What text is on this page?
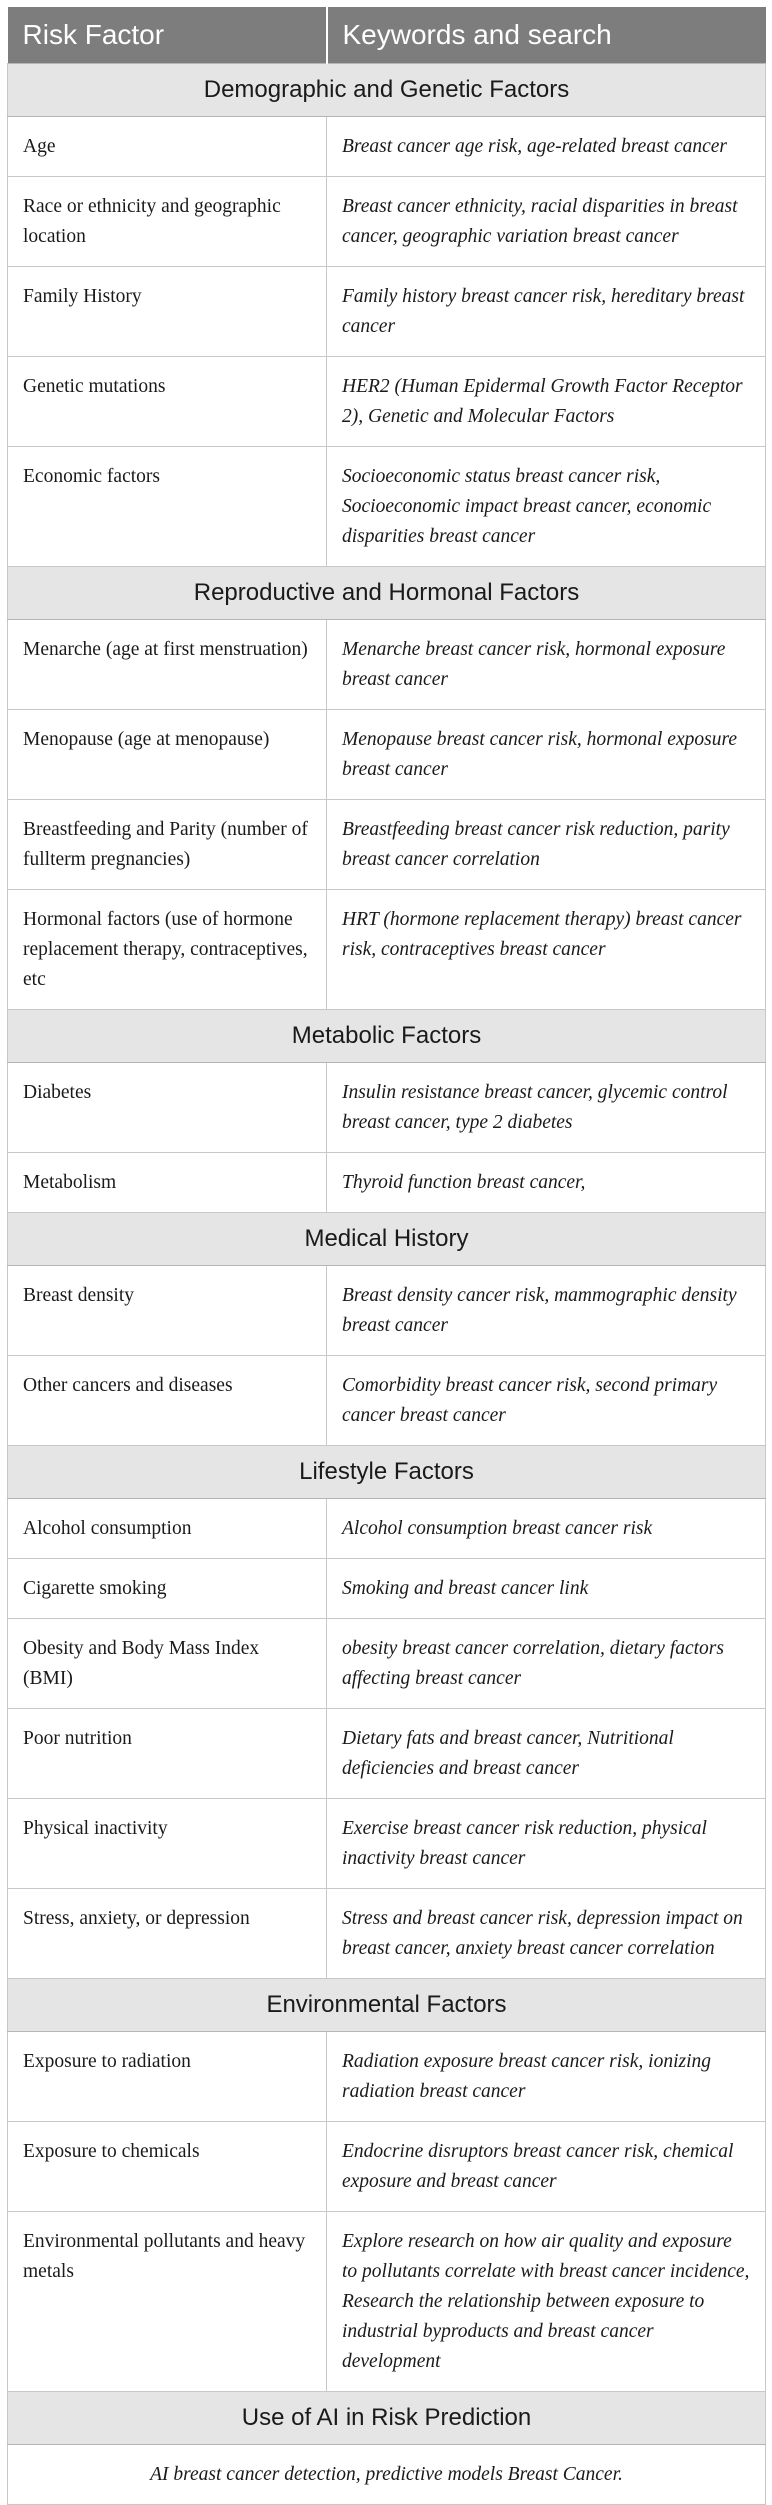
Risk Factor	Keywords and search
Demographic and Genetic Factors	
Age	Breast cancer age risk, age-related breast cancer

Race or ethnicity and geographic location	Breast cancer ethnicity, racial disparities in breast cancer, geographic variation breast cancer

Family History	Family history breast cancer risk, hereditary breast cancer

Genetic mutations	HER2 (Human Epidermal Growth Factor Receptor 2), Genetic and Molecular Factors

Economic factors	Socioeconomic status breast cancer risk, Socioeconomic impact breast cancer, economic disparities breast cancer

Reproductive and Hormonal Factors	
Menarche (age at first menstruation)	Menarche breast cancer risk, hormonal exposure breast cancer

Menopause (age at menopause)	Menopause breast cancer risk, hormonal exposure breast cancer

Breastfeeding and Parity (number of fullterm pregnancies)	Breastfeeding breast cancer risk reduction, parity breast cancer correlation

Hormonal factors (use of hormone replacement therapy, contraceptives, etc	HRT (hormone replacement therapy) breast cancer risk, contraceptives breast cancer

Metabolic Factors	
Diabetes	Insulin resistance breast cancer, glycemic control breast cancer, type 2 diabetes

Metabolism	Thyroid function breast cancer,

Medical History	
Breast density	Breast density cancer risk, mammographic density breast cancer

Other cancers and diseases	Comorbidity breast cancer risk, second primary cancer breast cancer

Lifestyle Factors	
Alcohol consumption	Alcohol consumption breast cancer risk

Cigarette smoking	Smoking and breast cancer link

Obesity and Body Mass Index (BMI)	obesity breast cancer correlation, dietary factors affecting breast cancer

Poor nutrition	Dietary fats and breast cancer, Nutritional deficiencies and breast cancer

Physical inactivity	Exercise breast cancer risk reduction, physical inactivity breast cancer

Stress, anxiety, or depression	Stress and breast cancer risk, depression impact on breast cancer, anxiety breast cancer correlation

Environmental Factors	
Exposure to radiation	Radiation exposure breast cancer risk, ionizing radiation breast cancer

Exposure to chemicals	Endocrine disruptors breast cancer risk, chemical exposure and breast cancer

Environmental pollutants and heavy metals	Explore research on how air quality and exposure to pollutants correlate with breast cancer incidence,
Research the relationship between exposure to industrial byproducts and breast cancer development

Use of AI in Risk Prediction	
AI breast cancer detection, predictive models Breast Cancer.	
